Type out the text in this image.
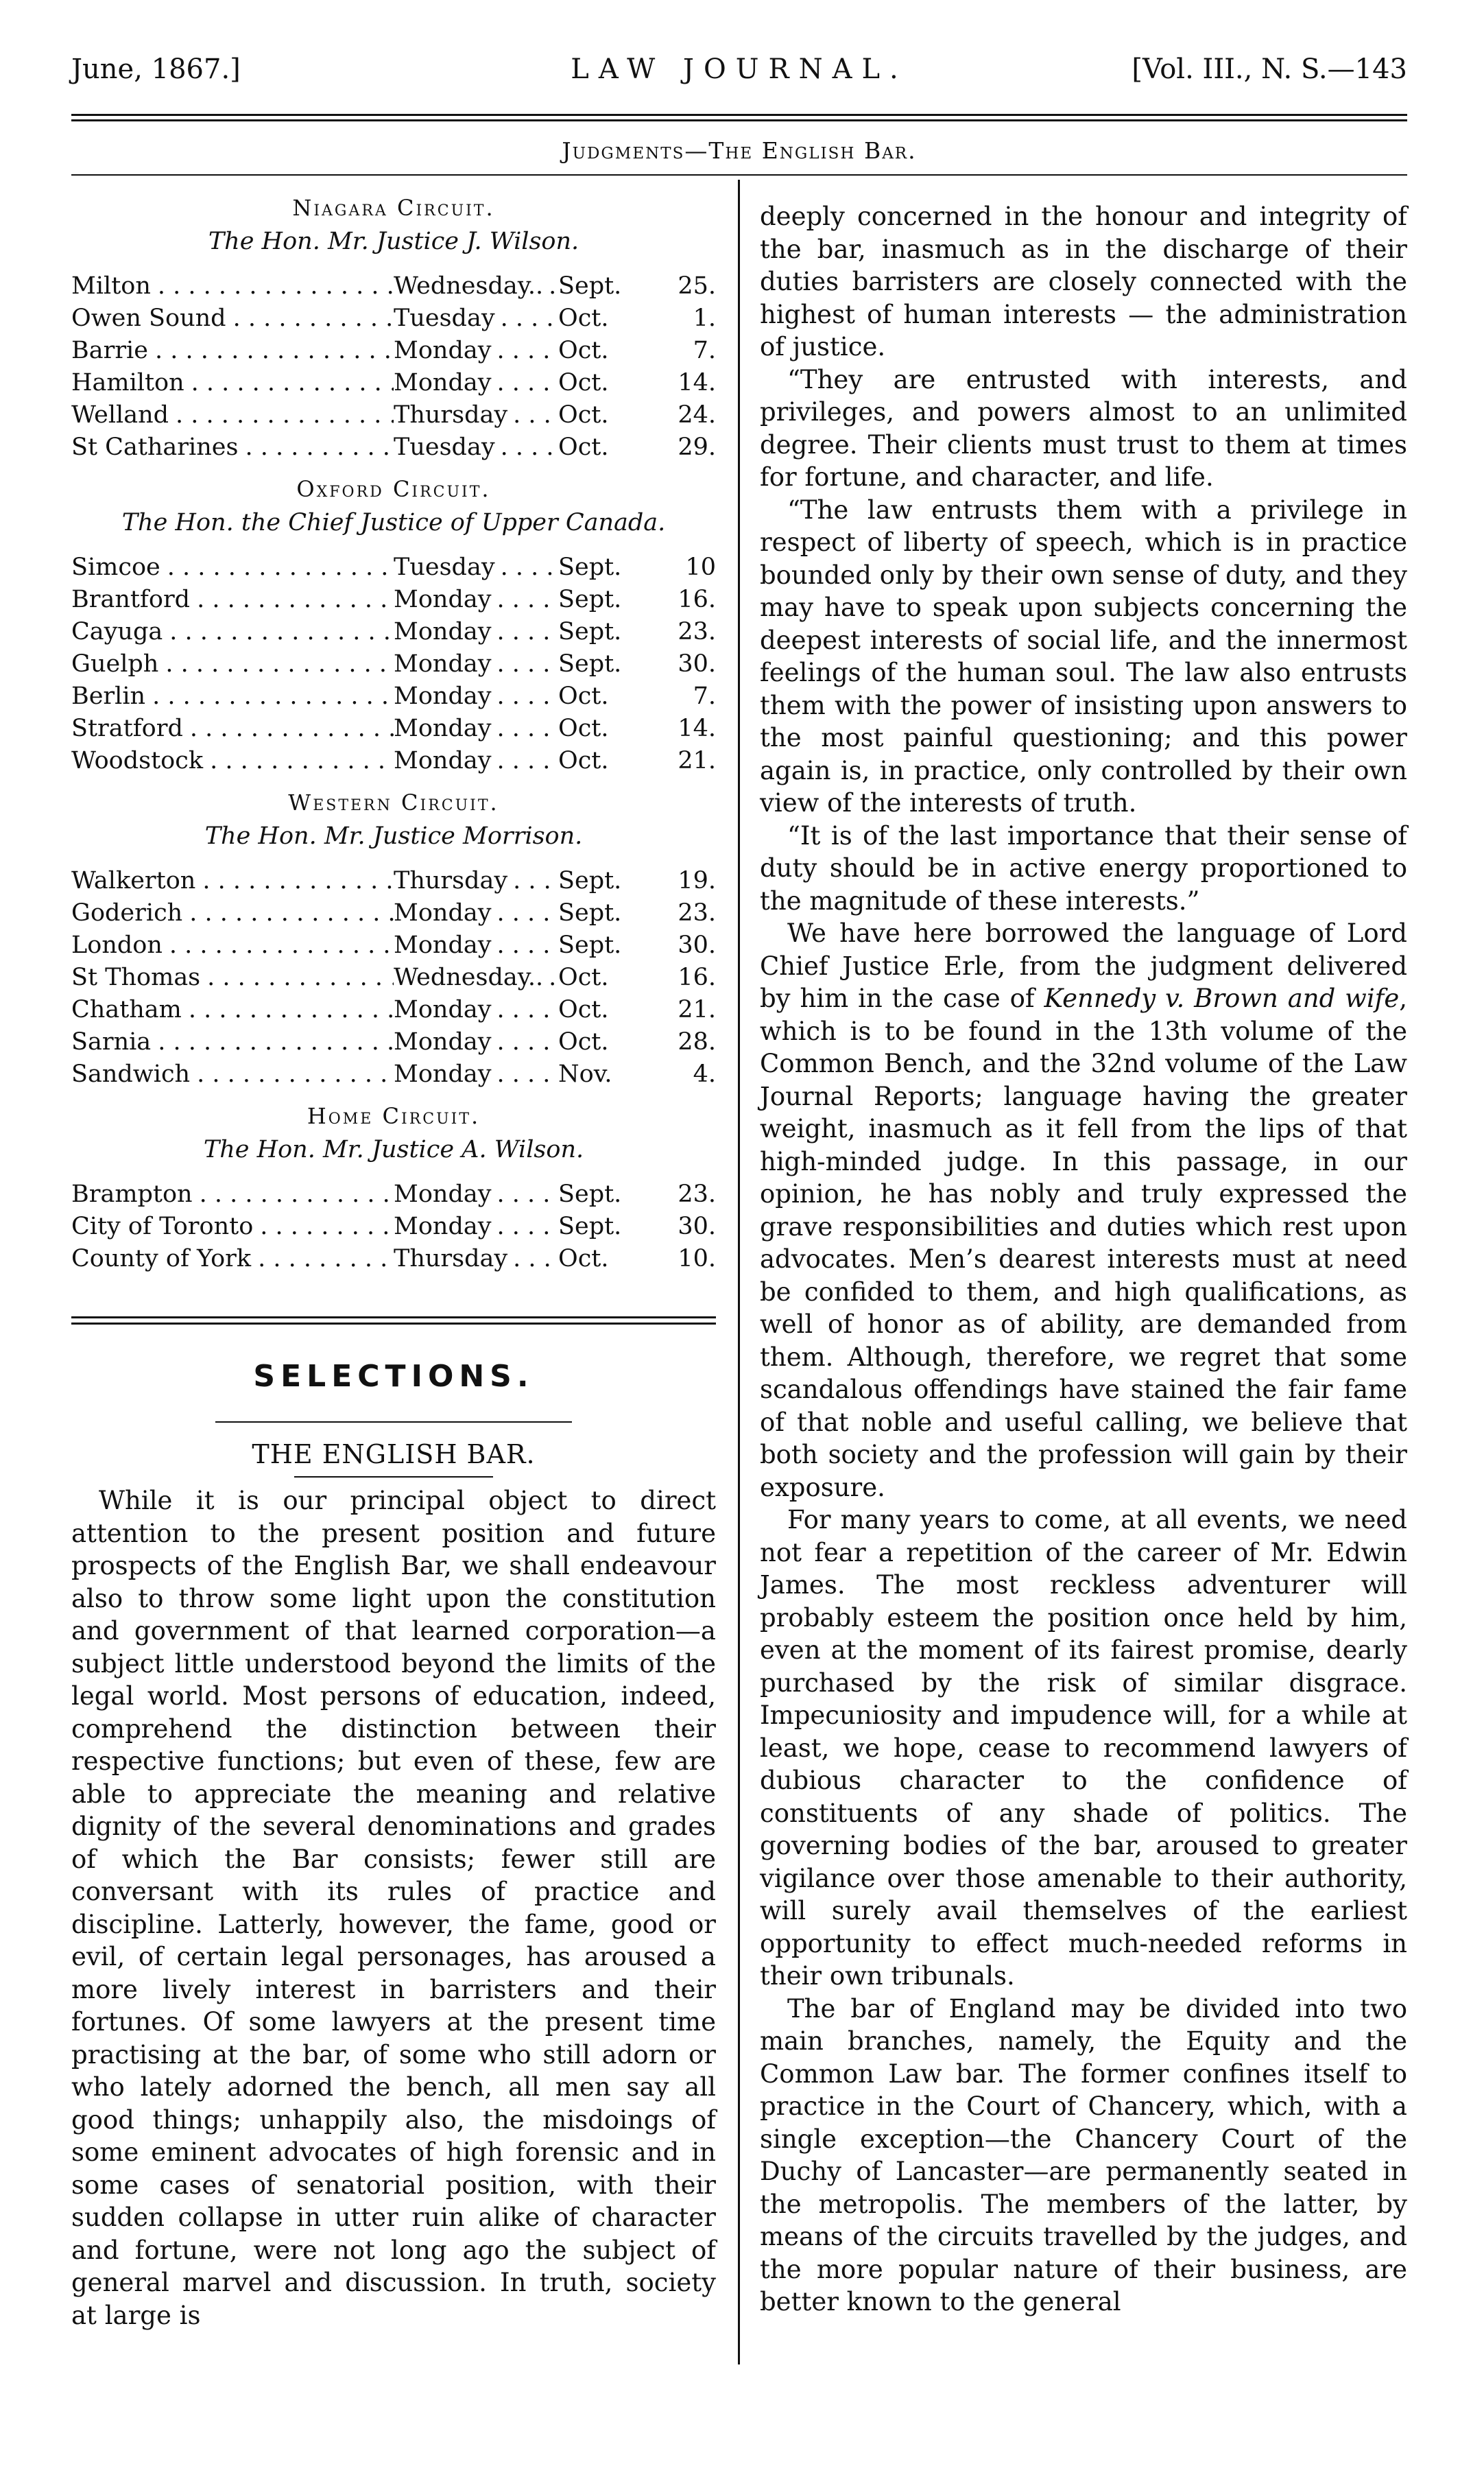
June, 1867.]	LAW JOURNAL.	[Vol. III., N. S.—143
Judgments—The English Bar.
Niagara Circuit.
The Hon. Mr. Justice J. Wilson.
Milton . . .	Wednesday.. . . .	Sept.	25.
Owen Sound . . .	Tuesday . . .	Oct.	1.
Barrie . . .	Monday . . .	Oct.	7.
Hamilton . . .	Monday . . .	Oct.	14.
Welland . . .	Thursday . . .	Oct.	24.
St Catharines . . .	Tuesday . . .	Oct.	29.
Oxford Circuit.
The Hon. the Chief Justice of Upper Canada.
Simcoe . . .	Tuesday . . .	Sept.	10
Brantford . . .	Monday . . .	Sept.	16.
Cayuga . . .	Monday . . .	Sept.	23.
Guelph . . .	Monday . . .	Sept.	30.
Berlin . . .	Monday . . .	Oct.	7.
Stratford . . .	Monday . . .	Oct.	14.
Woodstock . . .	Monday . . .	Oct.	21.
Western Circuit.
The Hon. Mr. Justice Morrison.
Walkerton . . .	Thursday . . .	Sept.	19.
Goderich . . .	Monday . . .	Sept.	23.
London . . .	Monday . . .	Sept.	30.
St Thomas . . .	Wednesday.. . . .	Oct.	16.
Chatham . . .	Monday . . .	Oct.	21.
Sarnia . . .	Monday . . .	Oct.	28.
Sandwich . . .	Monday . . .	Nov.	4.
Home Circuit.
The Hon. Mr. Justice A. Wilson.
Brampton . . .	Monday . . .	Sept.	23.
City of Toronto . . .	Monday . . .	Sept.	30.
County of York . . .	Thursday . . .	Oct.	10.
SELECTIONS.
THE ENGLISH BAR.

While it is our principal object to direct attention to the present position and future prospects of the English Bar, we shall endeavour also to throw some light upon the constitution and government of that learned corporation—a subject little understood beyond the limits of the legal world. Most persons of education, indeed, comprehend the distinction between their respective functions; but even of these, few are able to appreciate the meaning and relative dignity of the several denominations and grades of which the Bar consists; fewer still are conversant with its rules of practice and discipline. Latterly, however, the fame, good or evil, of certain legal personages, has aroused a more lively interest in barristers and their fortunes. Of some lawyers at the present time practising at the bar, of some who still adorn or who lately adorned the bench, all men say all good things; unhappily also, the misdoings of some eminent advocates of high forensic and in some cases of senatorial position, with their sudden collapse in utter ruin alike of character and fortune, were not long ago the subject of general marvel and discussion. In truth, society at large is

deeply concerned in the honour and integrity of the bar, inasmuch as in the discharge of their duties barristers are closely connected with the highest of human interests — the administration of justice.

“They are entrusted with interests, and privileges, and powers almost to an unlimited degree. Their clients must trust to them at times for fortune, and character, and life.

“The law entrusts them with a privilege in respect of liberty of speech, which is in practice bounded only by their own sense of duty, and they may have to speak upon subjects concerning the deepest interests of social life, and the innermost feelings of the human soul. The law also entrusts them with the power of insisting upon answers to the most painful questioning; and this power again is, in practice, only controlled by their own view of the interests of truth.

“It is of the last importance that their sense of duty should be in active energy proportioned to the magnitude of these interests.”

We have here borrowed the language of Lord Chief Justice Erle, from the judgment delivered by him in the case of Kennedy v. Brown and wife, which is to be found in the 13th volume of the Common Bench, and the 32nd volume of the Law Journal Reports; language having the greater weight, inasmuch as it fell from the lips of that high-minded judge. In this passage, in our opinion, he has nobly and truly expressed the grave responsibilities and duties which rest upon advocates. Men’s dearest interests must at need be confided to them, and high qualifications, as well of honor as of ability, are demanded from them. Although, therefore, we regret that some scandalous offendings have stained the fair fame of that noble and useful calling, we believe that both society and the profession will gain by their exposure.

For many years to come, at all events, we need not fear a repetition of the career of Mr. Edwin James. The most reckless adventurer will probably esteem the position once held by him, even at the moment of its fairest promise, dearly purchased by the risk of similar disgrace. Impecuniosity and impudence will, for a while at least, we hope, cease to recommend lawyers of dubious character to the confidence of constituents of any shade of politics. The governing bodies of the bar, aroused to greater vigilance over those amenable to their authority, will surely avail themselves of the earliest opportunity to effect much-needed reforms in their own tribunals.

The bar of England may be divided into two main branches, namely, the Equity and the Common Law bar. The former confines itself to practice in the Court of Chancery, which, with a single exception—the Chancery Court of the Duchy of Lancaster—are permanently seated in the metropolis. The members of the latter, by means of the circuits travelled by the judges, and the more popular nature of their business, are better known to the general
